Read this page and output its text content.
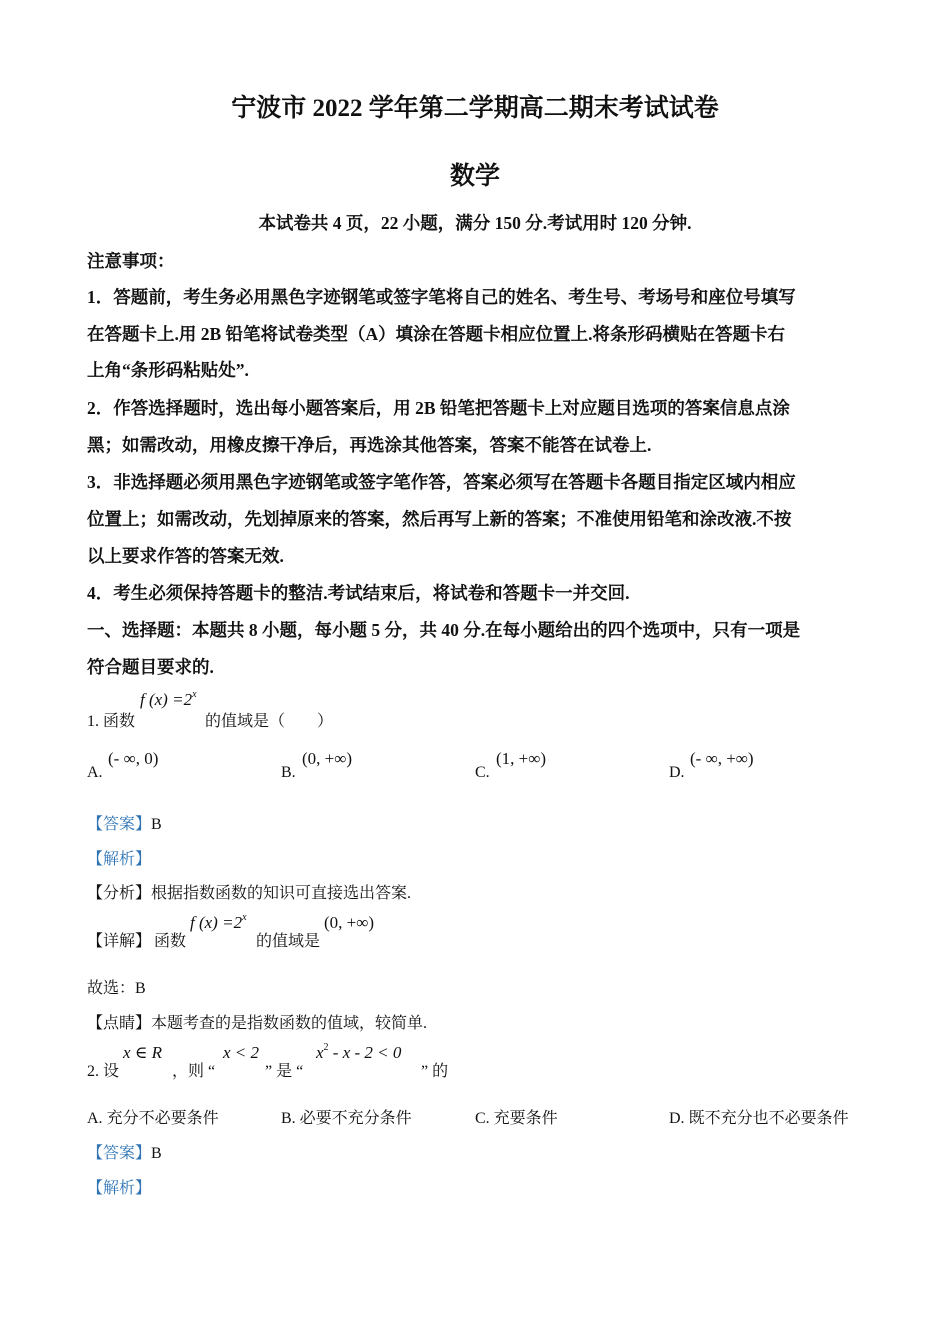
宁波市 2022 学年第二学期高二期末考试试卷
数学
本试卷共 4 页，22 小题，满分 150 分.考试用时 120 分钟.
注意事项：
1．答题前，考生务必用黑色字迹钢笔或签字笔将自己的姓名、考生号、考场号和座位号填写
在答题卡上.用 2B 铅笔将试卷类型（A）填涂在答题卡相应位置上.将条形码横贴在答题卡右
上角“条形码粘贴处”.
2．作答选择题时，选出每小题答案后，用 2B 铅笔把答题卡上对应题目选项的答案信息点涂
黑；如需改动，用橡皮擦干净后，再选涂其他答案，答案不能答在试卷上.
3．非选择题必须用黑色字迹钢笔或签字笔作答，答案必须写在答题卡各题目指定区域内相应
位置上；如需改动，先划掉原来的答案，然后再写上新的答案；不准使用铅笔和涂改液.不按
以上要求作答的答案无效.
4．考生必须保持答题卡的整洁.考试结束后，将试卷和答题卡一并交回.
一、选择题：本题共 8 小题，每小题 5 分，共 40 分.在每小题给出的四个选项中，只有一项是
符合题目要求的.
1. 函数
f $(x) =2^x$
的值域是（　　）
A.
(- ∞, 0)
B.
(0, +∞)
C.
(1, +∞)
D.
(- ∞, +∞)
【答案】B
【解析】
【分析】根据指数函数的知识可直接选出答案.
【详解】 函数
f $(x) =2^x$
的值域是
(0, +∞)
故选：B
【点睛】本题考查的是指数函数的值域，较简单.
2. 设
x ∈ R
，则 “
x < 2
” 是 “
$x^2 - x - 2 < 0$
” 的
A. 充分不必要条件	B. 必要不充分条件	C. 充要条件	D. 既不充分也不必要条件
【答案】B
【解析】
